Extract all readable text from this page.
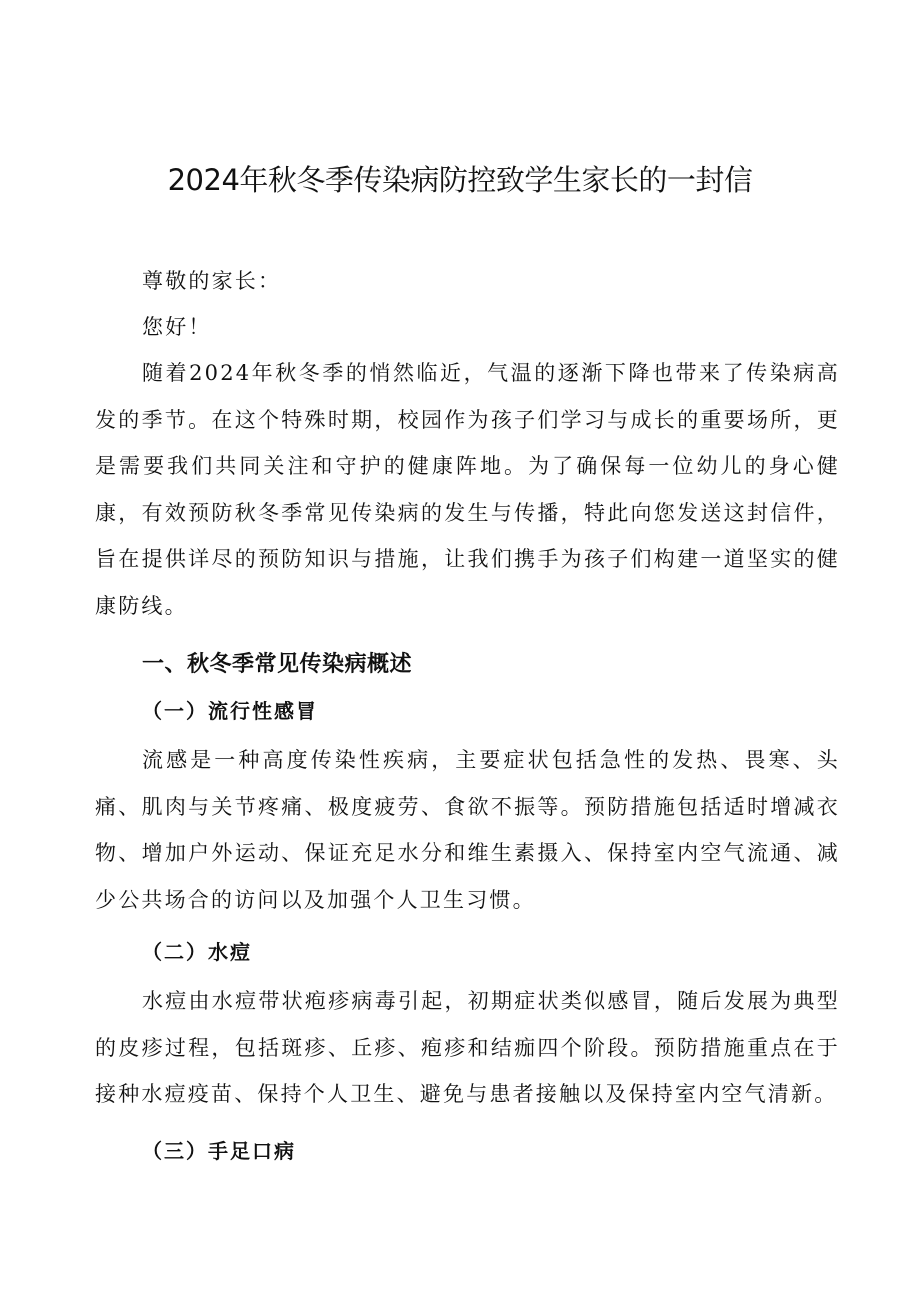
2024年秋冬季传染病防控致学生家长的一封信

尊敬的家长：

您好！

随着2024年秋冬季的悄然临近，气温的逐渐下降也带来了传染病高发的季节。在这个特殊时期，校园作为孩子们学习与成长的重要场所，更是需要我们共同关注和守护的健康阵地。为了确保每一位幼儿的身心健康，有效预防秋冬季常见传染病的发生与传播，特此向您发送这封信件，旨在提供详尽的预防知识与措施，让我们携手为孩子们构建一道坚实的健康防线。

一、秋冬季常见传染病概述
（一）流行性感冒

流感是一种高度传染性疾病，主要症状包括急性的发热、畏寒、头痛、肌肉与关节疼痛、极度疲劳、食欲不振等。预防措施包括适时增减衣物、增加户外运动、保证充足水分和维生素摄入、保持室内空气流通、减少公共场合的访问以及加强个人卫生习惯。

（二）水痘

水痘由水痘带状疱疹病毒引起，初期症状类似感冒，随后发展为典型的皮疹过程，包括斑疹、丘疹、疱疹和结痂四个阶段。预防措施重点在于接种水痘疫苗、保持个人卫生、避免与患者接触以及保持室内空气清新。

（三）手足口病
